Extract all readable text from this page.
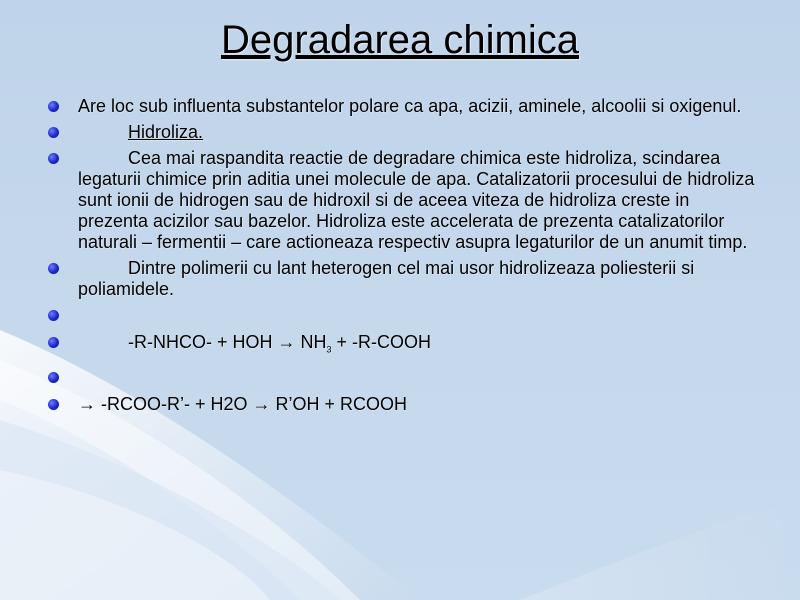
Degradarea chimica
Are loc sub influenta substantelor polare ca apa, acizii, aminele, alcoolii si oxigenul.
Hidroliza.
Cea mai raspandita reactie de degradare chimica este hidroliza, scindarea legaturii chimice prin aditia unei molecule de apa. Catalizatorii procesului de hidroliza sunt ionii de hidrogen sau de hidroxil si de aceea viteza de hidroliza creste in prezenta acizilor sau bazelor. Hidroliza este accelerata de prezenta catalizatorilor naturali – fermentii – care actioneaza respectiv asupra legaturilor de un anumit timp.
Dintre polimerii cu lant heterogen cel mai usor hidrolizeaza poliesterii si poliamidele.
-R-NHCO- + HOH → $NH_3$ + -R-COOH
→ -RCOO-R’- + H2O → R’OH + RCOOH
